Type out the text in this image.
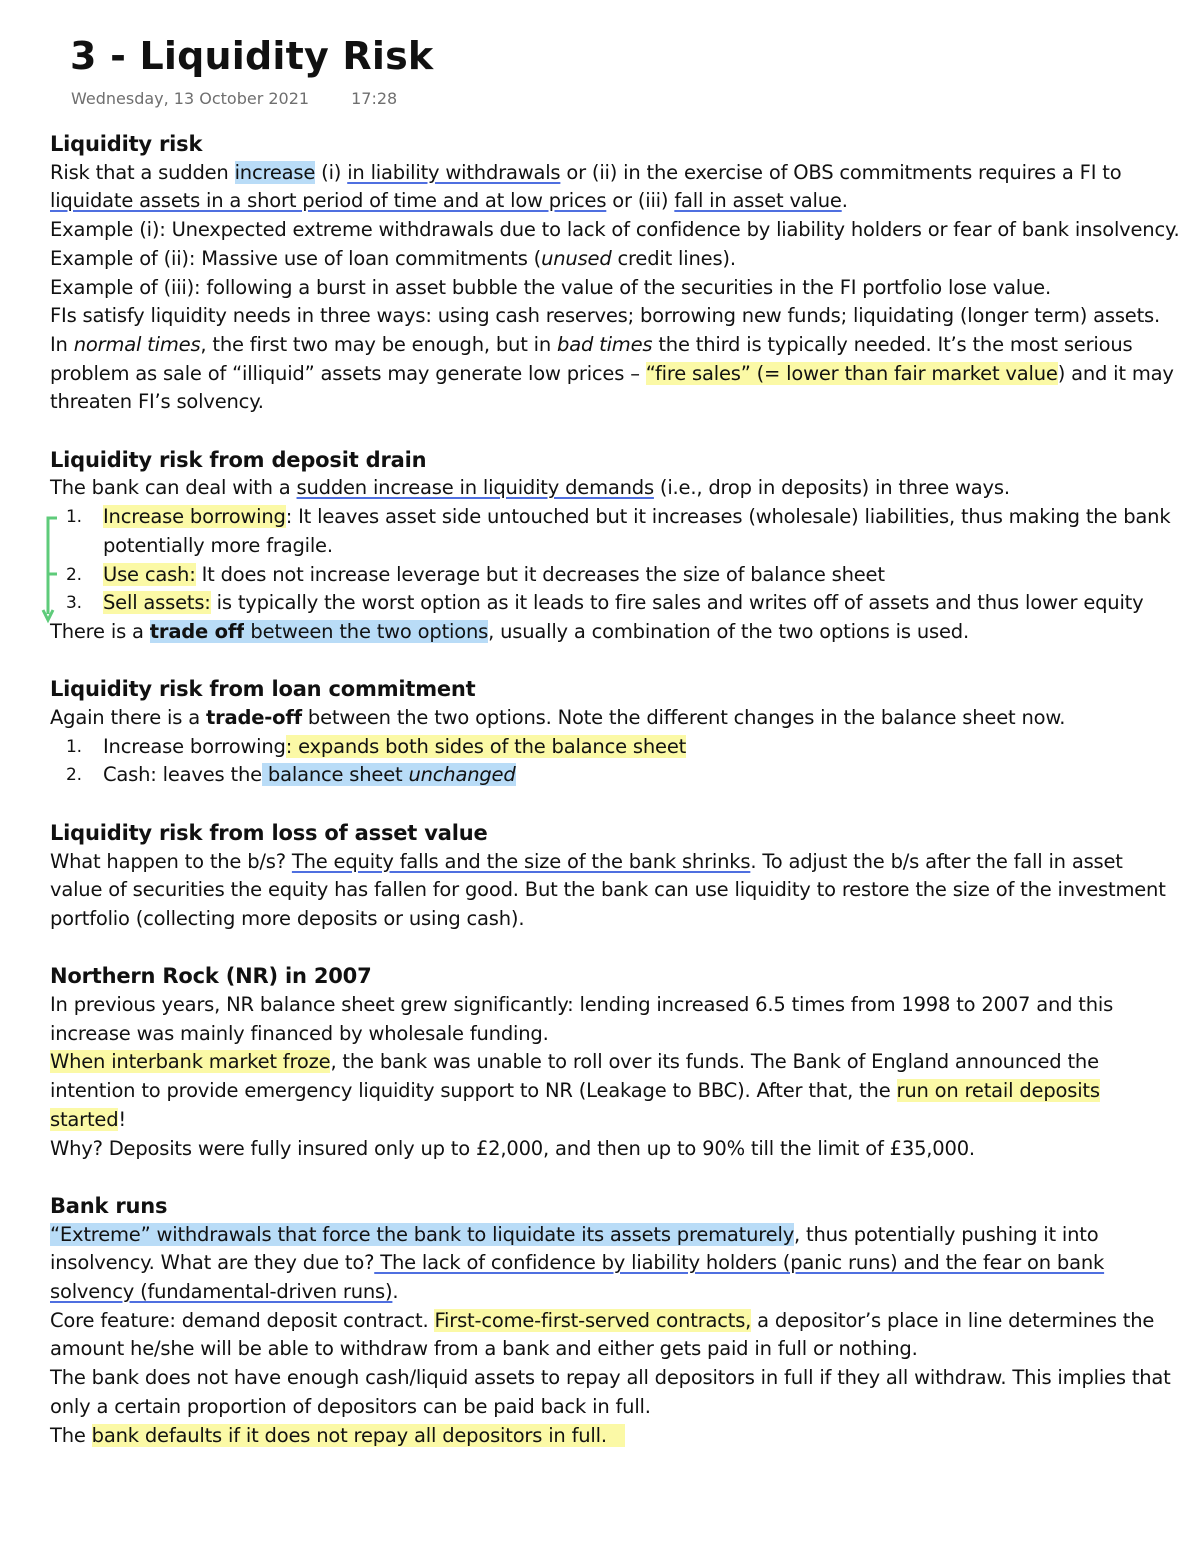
3 - Liquidity Risk
Wednesday, 13 October 2021	17:28
Liquidity risk

Risk that a sudden increase (i) in liability withdrawals or (ii) in the exercise of OBS commitments requires a FI to liquidate assets in a short period of time and at low prices or (iii) fall in asset value.

Example (i): Unexpected extreme withdrawals due to lack of confidence by liability holders or fear of bank insolvency.

Example of (ii): Massive use of loan commitments (unused credit lines).

Example of (iii): following a burst in asset bubble the value of the securities in the FI portfolio lose value.

FIs satisfy liquidity needs in three ways: using cash reserves; borrowing new funds; liquidating (longer term) assets.

In normal times, the first two may be enough, but in bad times the third is typically needed. It’s the most serious problem as sale of “illiquid” assets may generate low prices – “fire sales” (= lower than fair market value) and it may threaten FI’s solvency.

Liquidity risk from deposit drain

The bank can deal with a sudden increase in liquidity demands (i.e., drop in deposits) in three ways.

1. Increase borrowing: It leaves asset side untouched but it increases (wholesale) liabilities, thus making the bank potentially more fragile.
2. Use cash: It does not increase leverage but it decreases the size of balance sheet
3. Sell assets: is typically the worst option as it leads to fire sales and writes off of assets and thus lower equity

There is a trade off between the two options, usually a combination of the two options is used.

Liquidity risk from loan commitment

Again there is a trade-off between the two options. Note the different changes in the balance sheet now.

1. Increase borrowing: expands both sides of the balance sheet
2. Cash: leaves the balance sheet unchanged
Liquidity risk from loss of asset value

What happen to the b/s? The equity falls and the size of the bank shrinks. To adjust the b/s after the fall in asset value of securities the equity has fallen for good. But the bank can use liquidity to restore the size of the investment portfolio (collecting more deposits or using cash).

Northern Rock (NR) in 2007

In previous years, NR balance sheet grew significantly: lending increased 6.5 times from 1998 to 2007 and this increase was mainly financed by wholesale funding.

When interbank market froze, the bank was unable to roll over its funds. The Bank of England announced the intention to provide emergency liquidity support to NR (Leakage to BBC). After that, the run on retail deposits started!

Why? Deposits were fully insured only up to £2,000, and then up to 90% till the limit of £35,000.

Bank runs

“Extreme” withdrawals that force the bank to liquidate its assets prematurely, thus potentially pushing it into insolvency. What are they due to? The lack of confidence by liability holders (panic runs) and the fear on bank solvency (fundamental-driven runs).

Core feature: demand deposit contract. First-come-first-served contracts, a depositor’s place in line determines the amount he/she will be able to withdraw from a bank and either gets paid in full or nothing.

The bank does not have enough cash/liquid assets to repay all depositors in full if they all withdraw. This implies that only a certain proportion of depositors can be paid back in full.

The bank defaults if it does not repay all depositors in full.
